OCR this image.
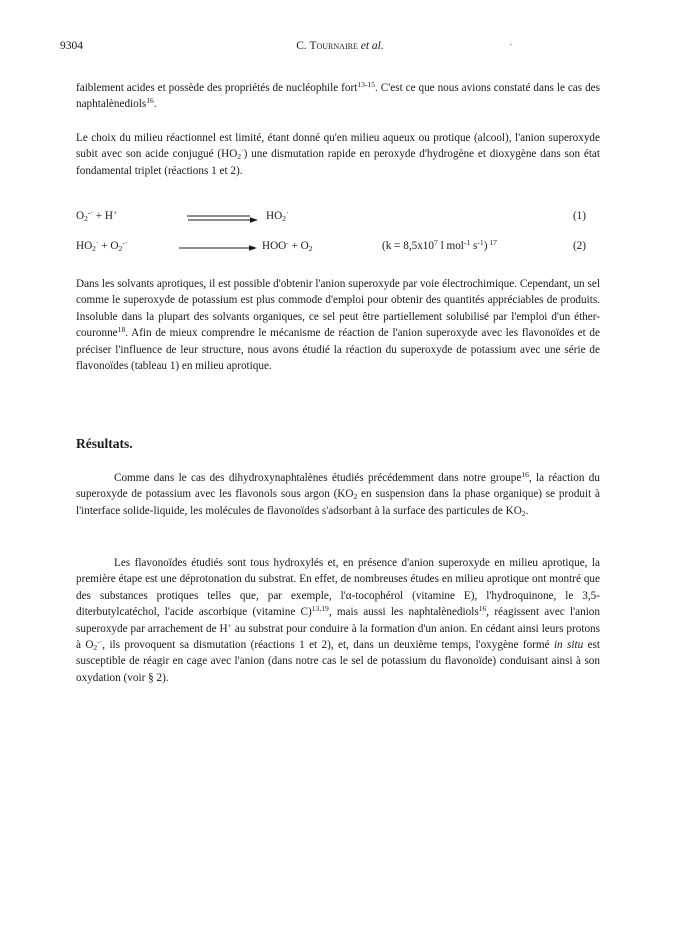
9304	C. Tournaire et al.	·

faiblement acides et possède des propriétés de nucléophile fort$^{13-15}$. C'est ce que nous avions constaté dans le cas des naphtalènediols$^{16}$.

Le choix du milieu réactionnel est limité, étant donné qu'en milieu aqueux ou protique (alcool), l'anion superoxyde subit avec son acide conjugué $(HO_2^\cdot)$ une dismutation rapide en peroxyde d'hydrogène et dioxygène dans son état fondamental triplet (réactions 1 et 2).

$O_2^{-\cdot} + H^+$	$HO_2^\cdot$	(1)
$HO_2^\cdot + O_2^{-\cdot}$	$HOO^- + O_2$	($k = 8,5x10^7$ l mol$^{-1}$ $s^{-1}$) $^{17}$	(2)

Dans les solvants aprotiques, il est possible d'obtenir l'anion superoxyde par voie électrochimique. Cependant, un sel comme le superoxyde de potassium est plus commode d'emploi pour obtenir des quantités appréciables de produits. Insoluble dans la plupart des solvants organiques, ce sel peut être partiellement solubilisé par l'emploi d'un éther-couronne$^{18}$. Afin de mieux comprendre le mécanisme de réaction de l'anion superoxyde avec les flavonoïdes et de préciser l'influence de leur structure, nous avons étudié la réaction du superoxyde de potassium avec une série de flavonoïdes (tableau 1) en milieu aprotique.

Résultats.

Comme dans le cas des dihydroxynaphtalènes étudiés précédemment dans notre groupe$^{16}$, la réaction du superoxyde de potassium avec les flavonols sous argon ($KO_2$ en suspension dans la phase organique) se produit à l'interface solide-liquide, les molécules de flavonoïdes s'adsorbant à la surface des particules de $KO_2$.

Les flavonoïdes étudiés sont tous hydroxylés et, en présence d'anion superoxyde en milieu aprotique, la première étape est une déprotonation du substrat. En effet, de nombreuses études en milieu aprotique ont montré que des substances protiques telles que, par exemple, l'α-tocophérol (vitamine E), l'hydroquinone, le 3,5-diterbutylcatéchol, l'acide ascorbique (vitamine C)$^{13,19}$, mais aussi les naphtalènediols$^{16}$, réagissent avec l'anion superoxyde par arrachement de H+ au substrat pour conduire à la formation d'un anion. En cédant ainsi leurs protons à $O_2^{-\cdot}$, ils provoquent sa dismutation (réactions 1 et 2), et, dans un deuxième temps, l'oxygène formé in situ est susceptible de réagir en cage avec l'anion (dans notre cas le sel de potassium du flavonoïde) conduisant ainsi à son oxydation (voir § 2).
